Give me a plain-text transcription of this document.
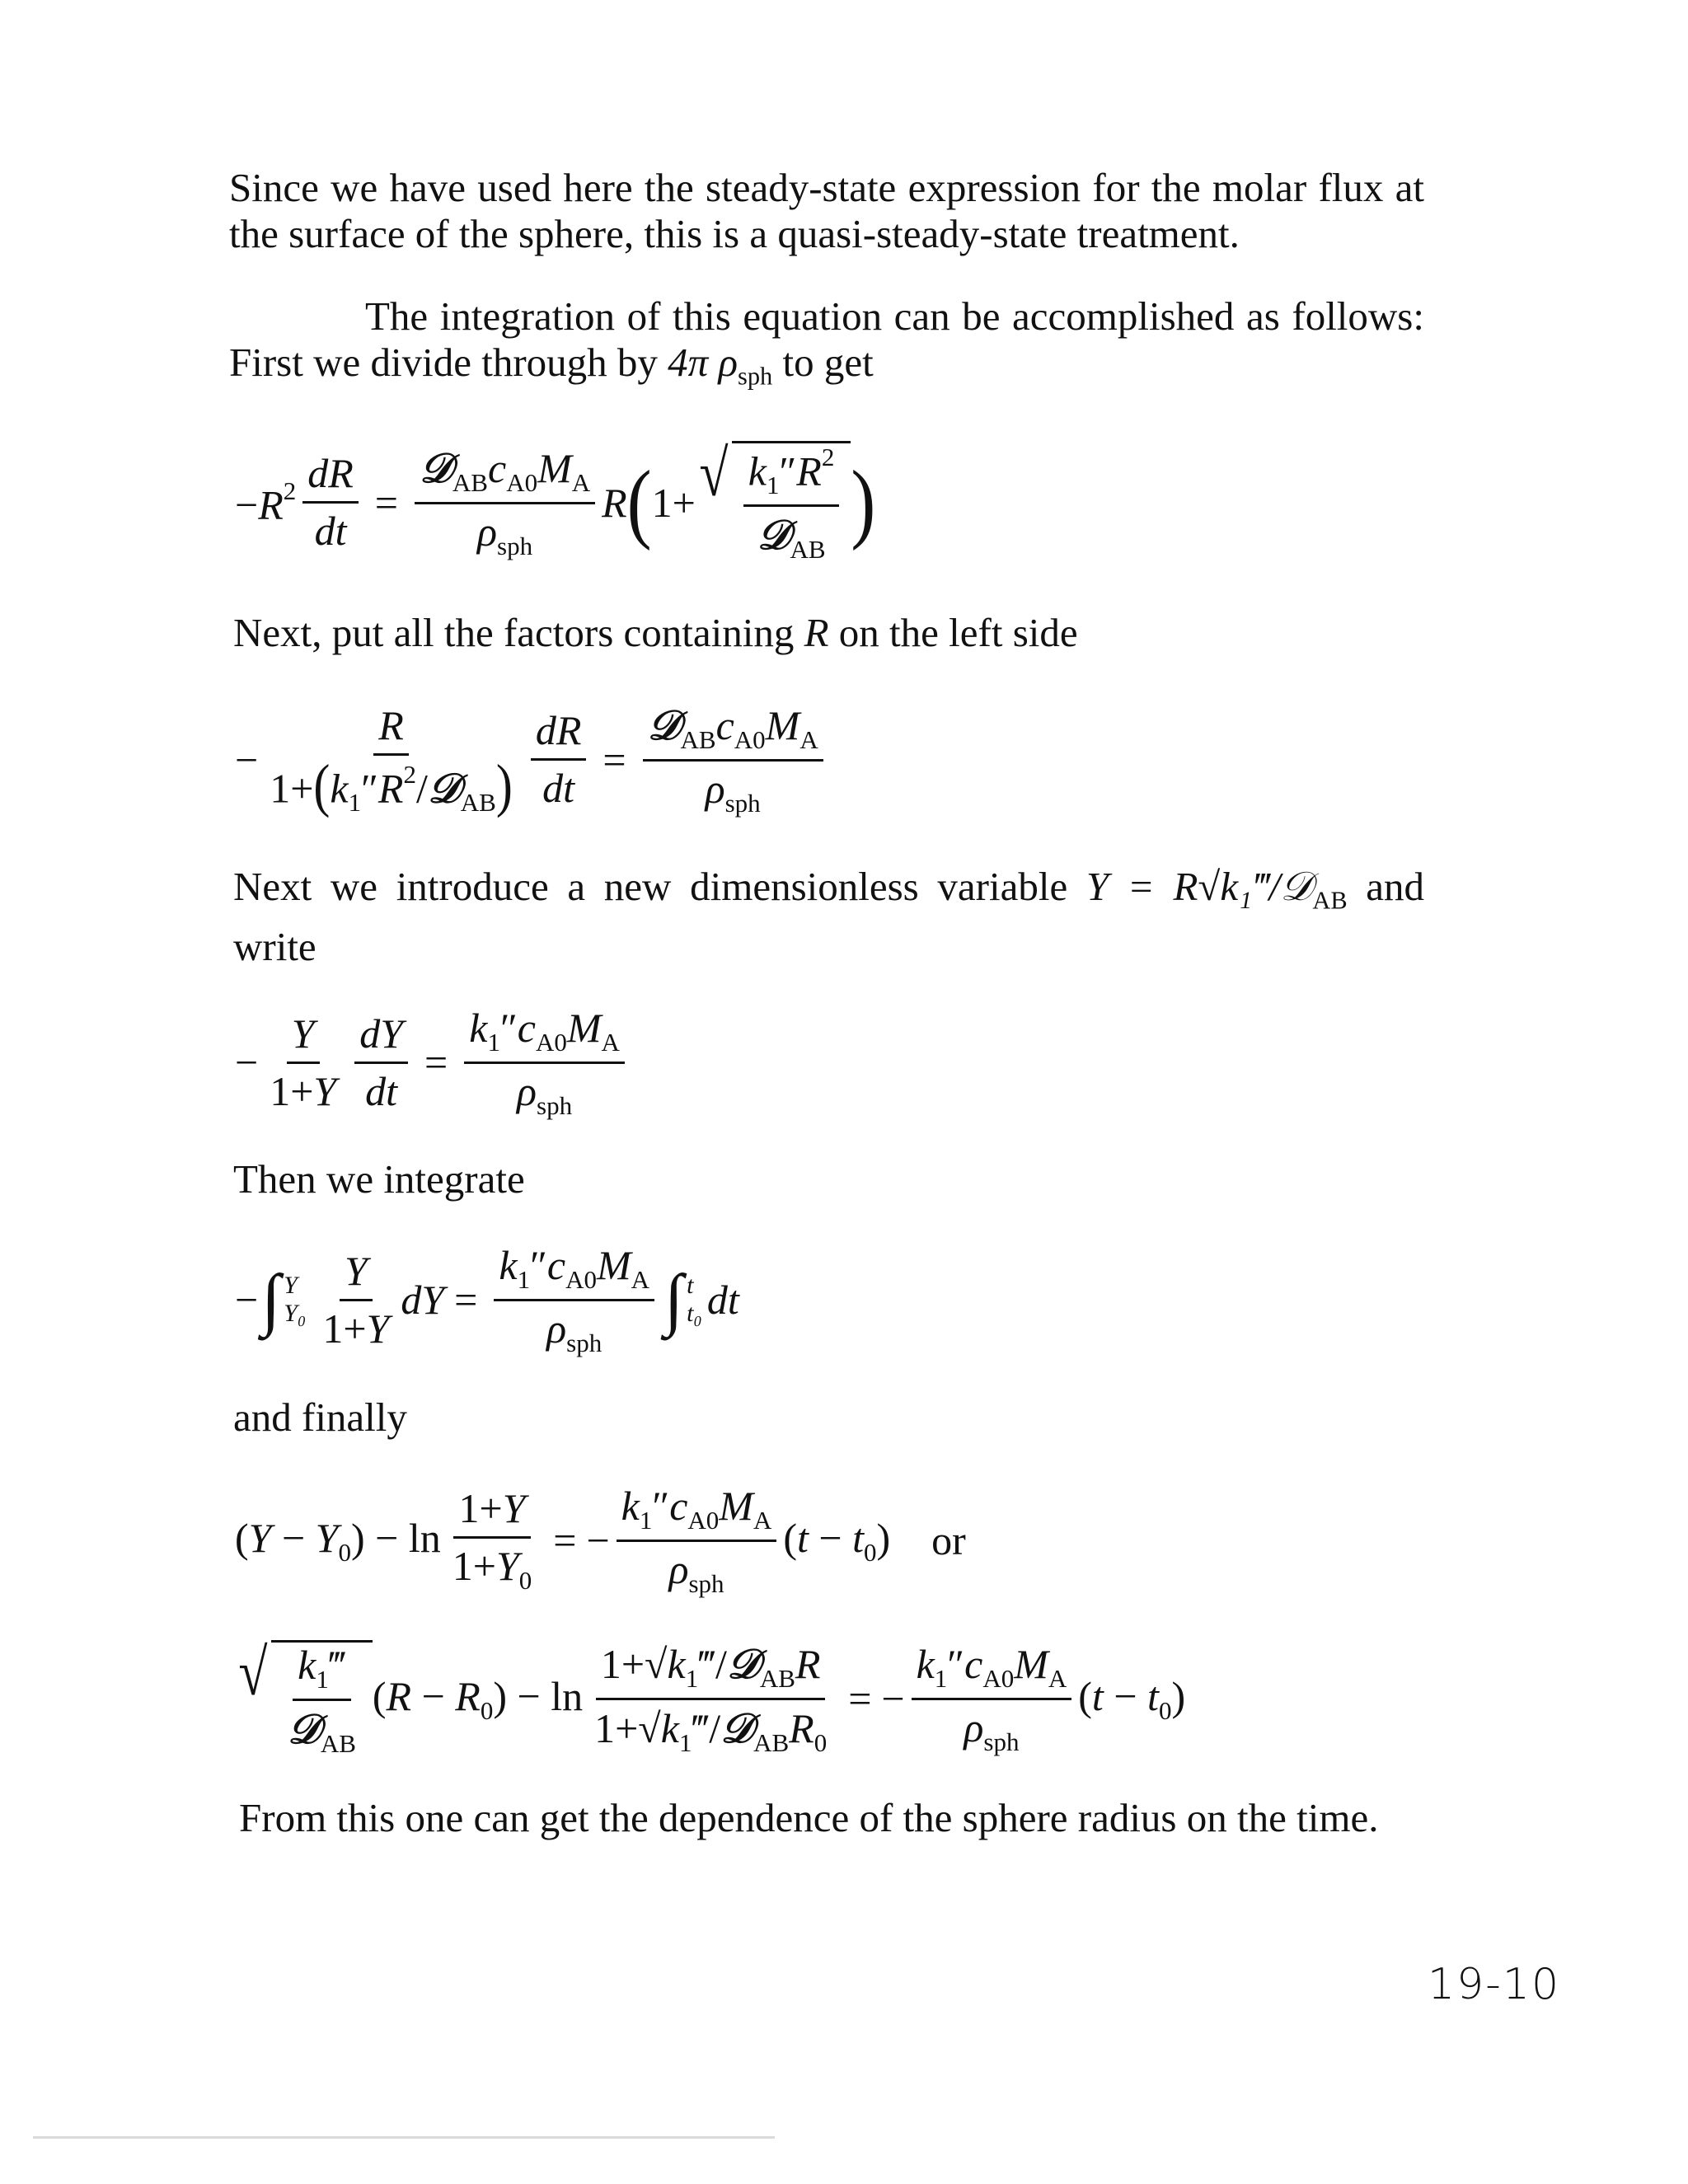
Since we have used here the steady-state expression for the molar flux at the surface of the sphere, this is a quasi-steady-state treatment.
The integration of this equation can be accomplished as follows: First we divide through by 4π $\rho_{sph}$ to get
$-R^2 \frac{dR}{dt} = \frac{𝒟_{AB}c_{A0}M_A}{\rho_{sph}}$ R ( 1+ √ $\frac{k_1''R^2}{𝒟_{AB}}$ )
Next, put all the factors containing R on the left side
− $\frac{R}{1+(k_1''R^2/𝒟_{AB})} \frac{dR}{dt} = \frac{𝒟_{AB}c_{A0}M_A}{\rho_{sph}}$
Next we introduce a new dimensionless variable Y = R√k₁‴/𝒟$_{AB}$ and write
− $\frac{Y}{1+Y} \frac{dY}{dt} = \frac{k_1''c_{A0}M_A}{\rho_{sph}}$
Then we integrate
− ∫ Y
$Y_0 \frac{Y}{1+Y}$ dY = $\frac{k_1''c_{A0}M_A}{\rho_{sph}}$ ∫ t
t₀ dt
and finally
$(Y - Y_0) - \ln \frac{1+Y}{1+Y_0}$ = − $\frac{k_1''c_{A0}M_A}{\rho_{sph}} (t - t_0)$ or
√ $\frac{k_1‴}{𝒟_{AB}} (R - R_0) - \ln \frac{1+√k_1‴/𝒟_{AB}R}{1+√k_1‴/𝒟_{AB}R_0}$ = − $\frac{k_1''c_{A0}M_A}{\rho_{sph}} (t - t_0)$
From this one can get the dependence of the sphere radius on the time.
19-10
